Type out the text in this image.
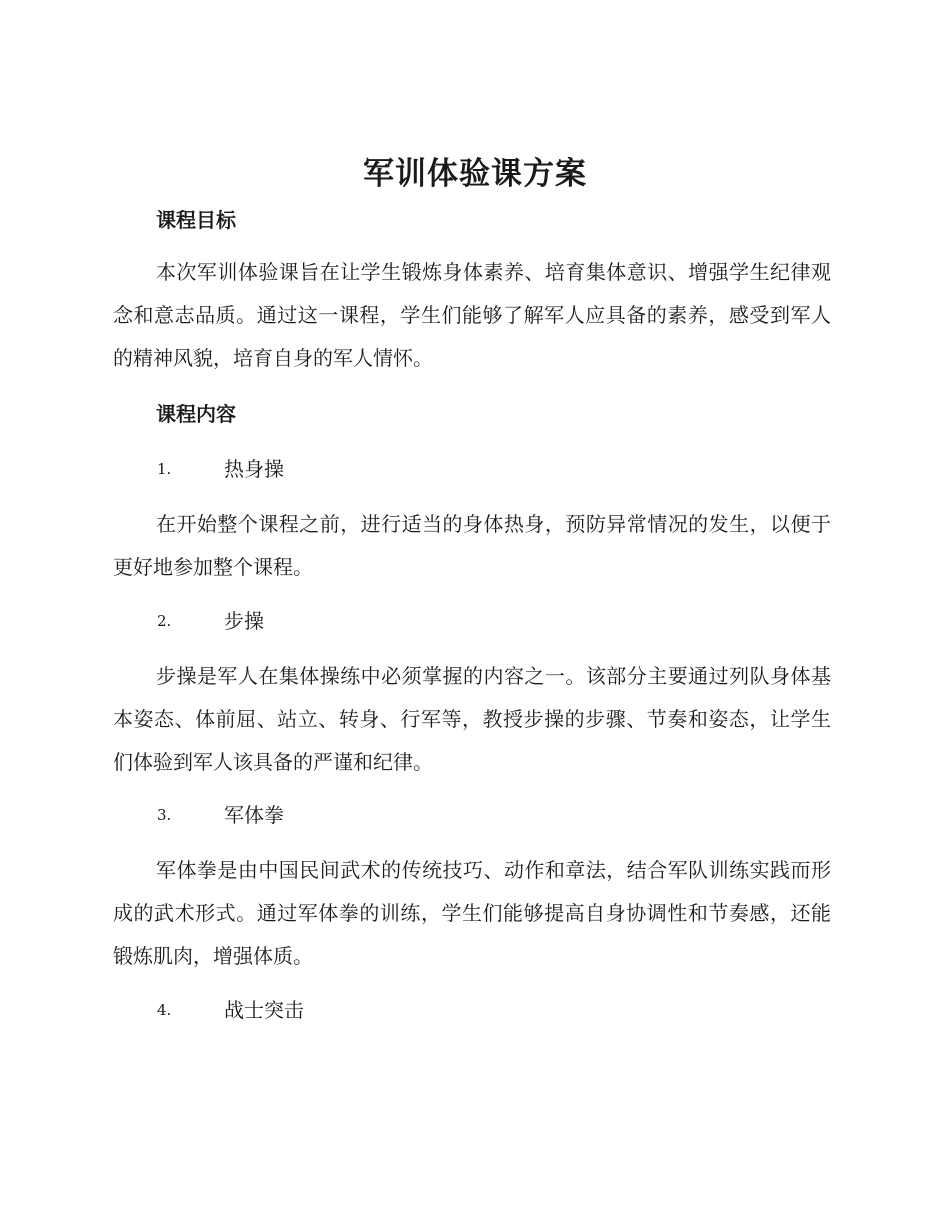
军训体验课方案
课程目标

本次军训体验课旨在让学生锻炼身体素养、培育集体意识、增强学生纪律观念和意志品质。通过这一课程，学生们能够了解军人应具备的素养，感受到军人的精神风貌，培育自身的军人情怀。

课程内容
1.	热身操

在开始整个课程之前，进行适当的身体热身，预防异常情况的发生，以便于更好地参加整个课程。

2.	步操

步操是军人在集体操练中必须掌握的内容之一。该部分主要通过列队身体基本姿态、体前屈、站立、转身、行军等，教授步操的步骤、节奏和姿态，让学生们体验到军人该具备的严谨和纪律。

3.	军体拳

军体拳是由中国民间武术的传统技巧、动作和章法，结合军队训练实践而形成的武术形式。通过军体拳的训练，学生们能够提高自身协调性和节奏感，还能锻炼肌肉，增强体质。

4.	战士突击
